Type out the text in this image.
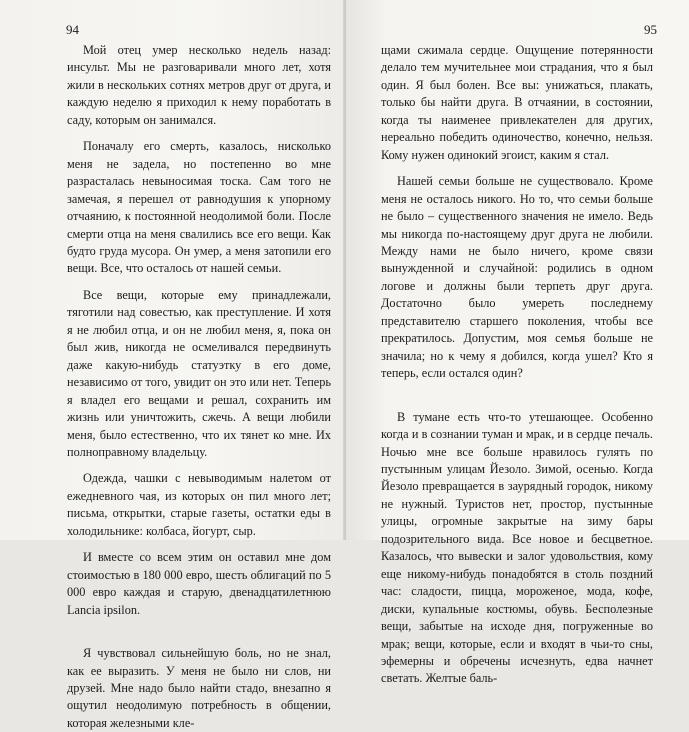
94

Мой отец умер несколько недель назад: инсульт. Мы не разговаривали много лет, хотя жили в нескольких сотнях метров друг от друга, и каждую неделю я приходил к нему поработать в саду, которым он занимался.

Поначалу его смерть, казалось, нисколько меня не задела, но постепенно во мне разрасталась невыносимая тоска. Сам того не замечая, я перешел от равнодушия к упорному отчаянию, к постоянной неодолимой боли. После смерти отца на меня свалились все его вещи. Как будто груда мусора. Он умер, а меня затопили его вещи. Все, что осталось от нашей семьи.

Все вещи, которые ему принадлежали, тяготили над совестью, как преступление. И хотя я не любил отца, и он не любил меня, я, пока он был жив, никогда не осмеливался передвинуть даже какую-нибудь статуэтку в его доме, независимо от того, увидит он это или нет. Теперь я владел его вещами и решал, сохранить им жизнь или уничтожить, сжечь. А вещи любили меня, было естественно, что их тянет ко мне. Их полноправному владельцу.

Одежда, чашки с невыводимым налетом от ежедневного чая, из которых он пил много лет; письма, открытки, старые газеты, остатки еды в холодильнике: колбаса, йогурт, сыр.

И вместе со всем этим он оставил мне дом стоимостью в 180 000 евро, шесть облигаций по 5 000 евро каждая и старую, двенадцатилетнюю Lancia ipsilon.

Я чувствовал сильнейшую боль, но не знал, как ее выразить. У меня не было ни слов, ни друзей. Мне надо было найти стадо, внезапно я ощутил неодолимую потребность в общении, которая железными кле-

95

щами сжимала сердце. Ощущение потерянности делало тем мучительнее мои страдания, что я был один. Я был болен. Все вы: унижаться, плакать, только бы найти друга. В отчаянии, в состоянии, когда ты наименее привлекателен для других, нереально победить одиночество, конечно, нельзя. Кому нужен одинокий эгоист, каким я стал.

Нашей семьи больше не существовало. Кроме меня не осталось никого. Но то, что семьи больше не было – существенного значения не имело. Ведь мы никогда по-настоящему друг друга не любили. Между нами не было ничего, кроме связи вынужденной и случайной: родились в одном логове и должны были терпеть друг друга. Достаточно было умереть последнему представителю старшего поколения, чтобы все прекратилось. Допустим, моя семья больше не значила; но к чему я добился, когда ушел? Кто я теперь, если остался один?

В тумане есть что-то утешающее. Особенно когда и в сознании туман и мрак, и в сердце печаль. Ночью мне все больше нравилось гулять по пустынным улицам Йезоло. Зимой, осенью. Когда Йезоло превращается в заурядный городок, никому не нужный. Туристов нет, простор, пустынные улицы, огромные закрытые на зиму бары подозрительного вида. Все новое и бесцветное. Казалось, что вывески и залог удовольствия, кому еще никому-нибудь понадобятся в столь поздний час: сладости, пицца, мороженое, мода, кофе, диски, купальные костюмы, обувь. Бесполезные вещи, забытые на исходе дня, погруженные во мрак; вещи, которые, если и входят в чьи-то сны, эфемерны и обречены исчезнуть, едва начнет светать. Желтые баль-
